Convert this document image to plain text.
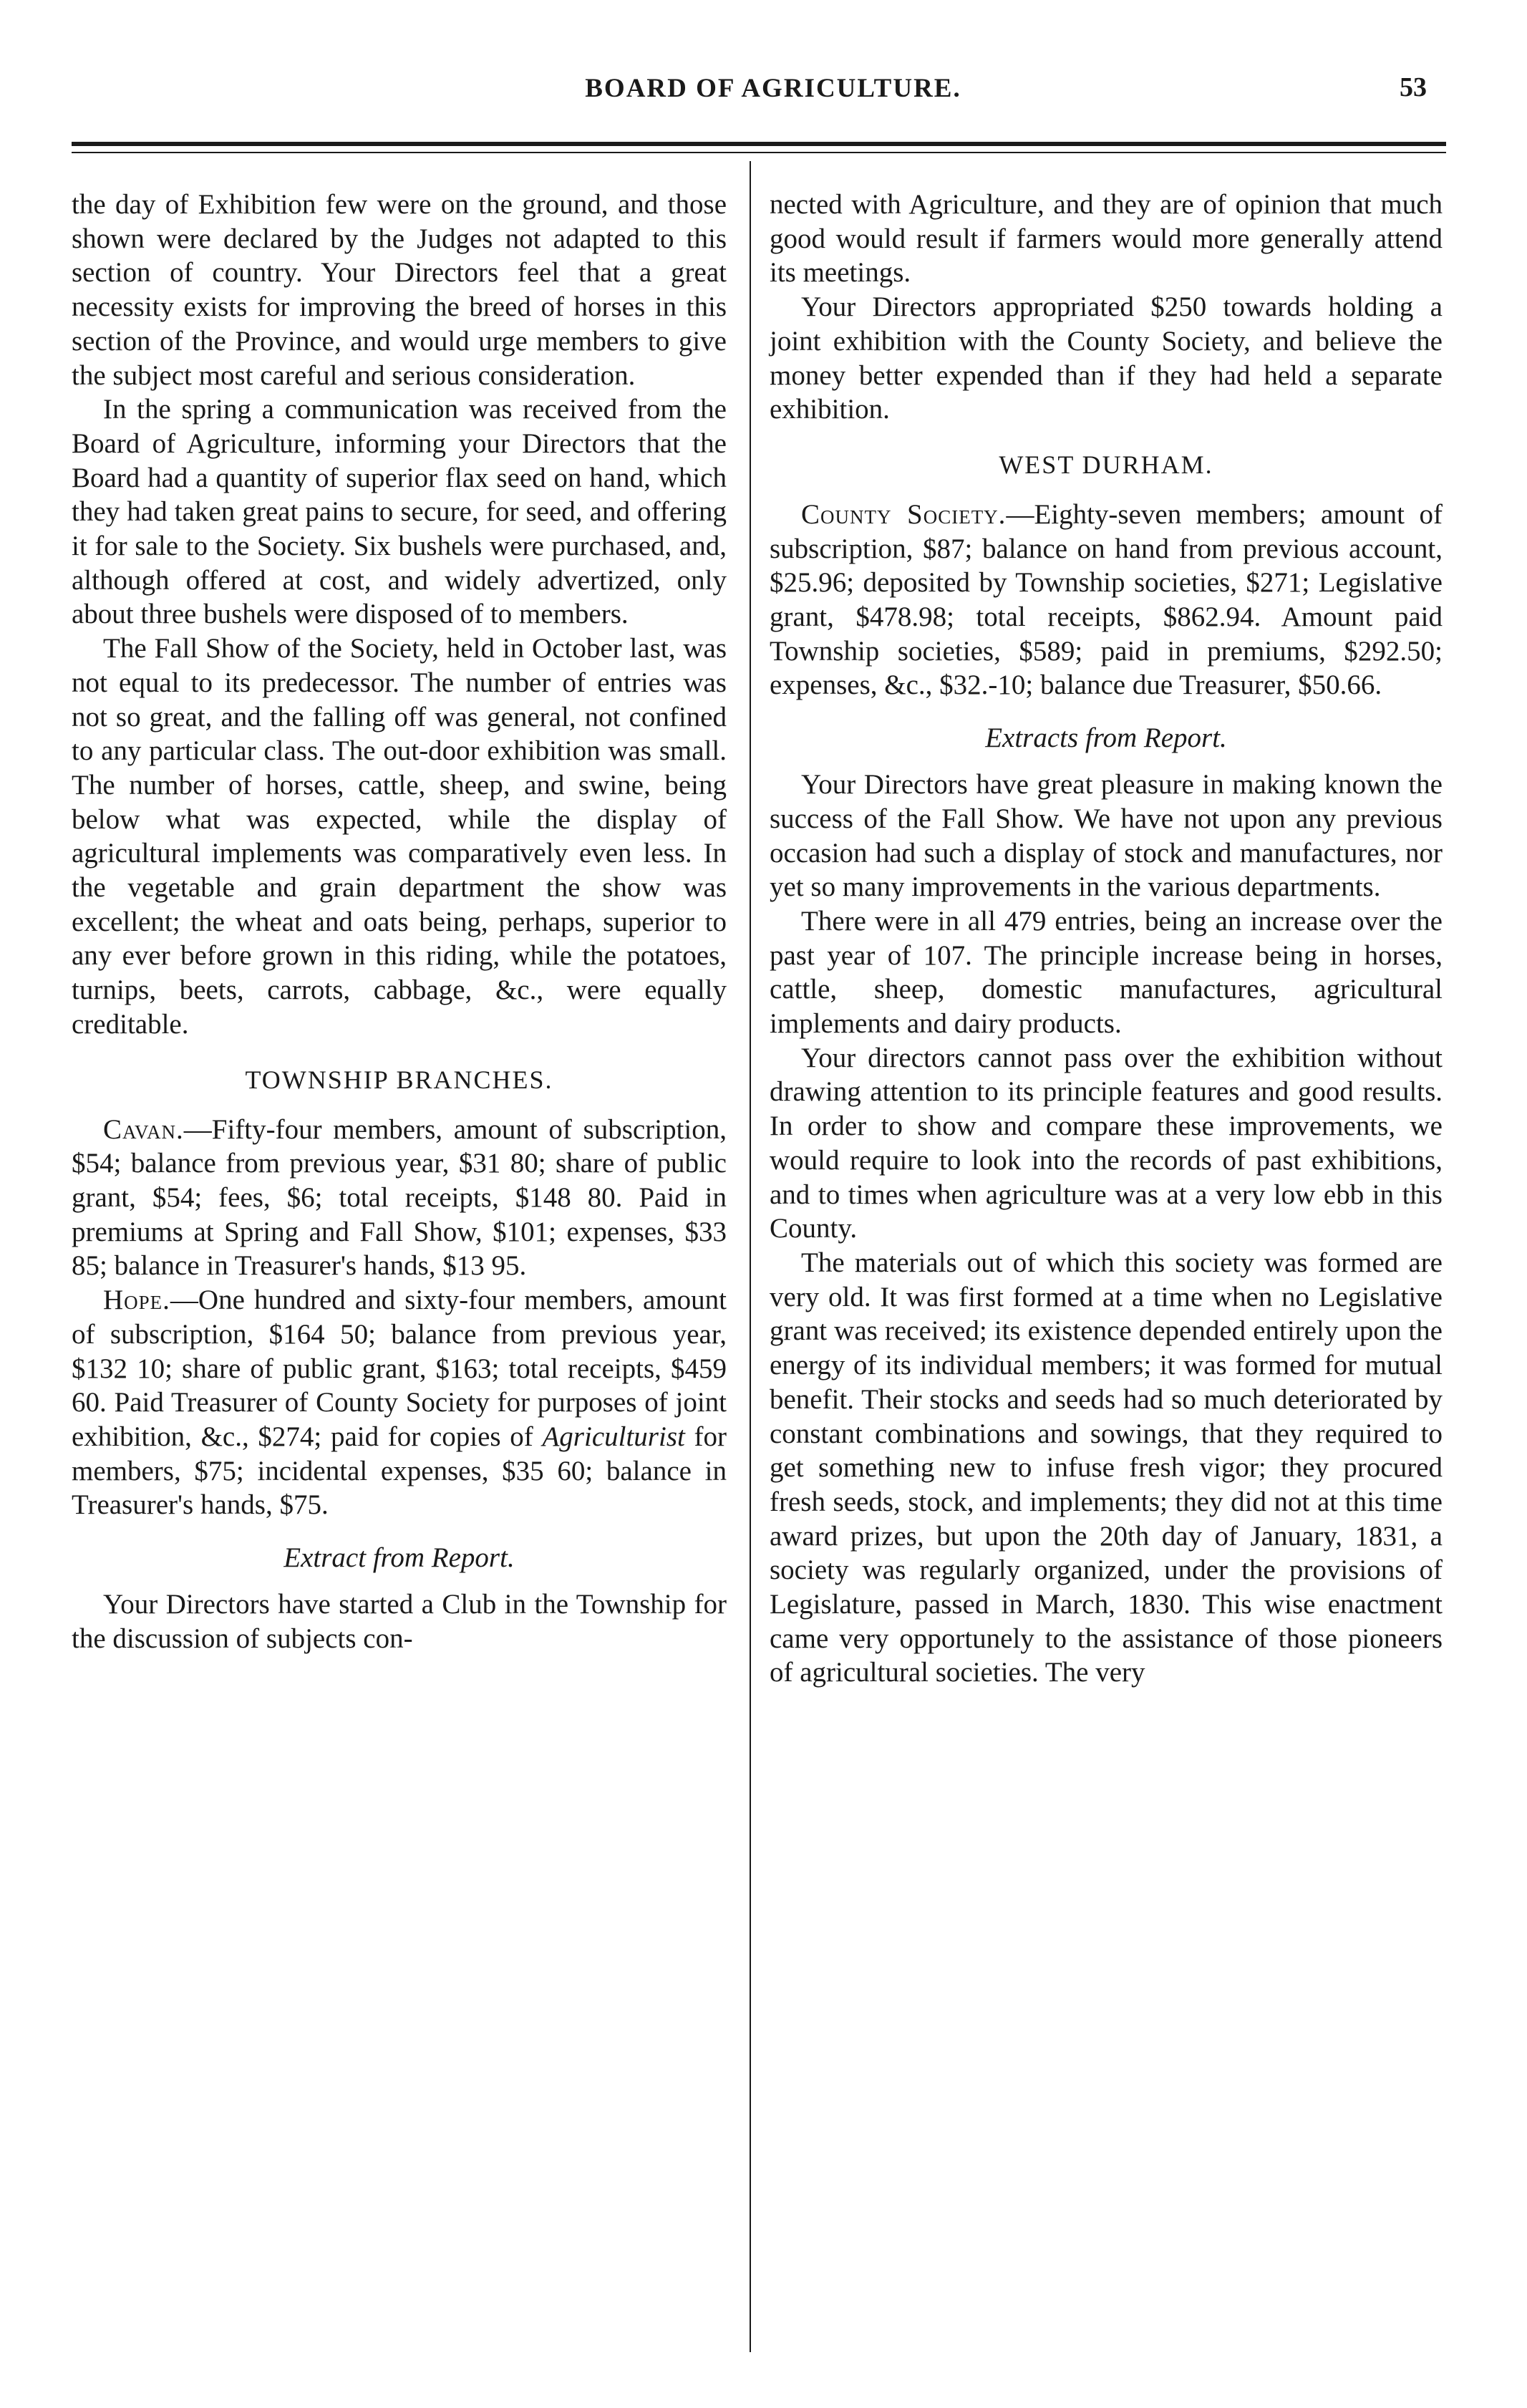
BOARD OF AGRICULTURE.	53

the day of Exhibition few were on the ground, and those shown were declared by the Judges not adapted to this section of country. Your Directors feel that a great necessity exists for improving the breed of horses in this section of the Province, and would urge members to give the subject most careful and serious consideration.

In the spring a communication was received from the Board of Agriculture, informing your Directors that the Board had a quantity of superior flax seed on hand, which they had taken great pains to secure, for seed, and offering it for sale to the Society. Six bushels were purchased, and, although offered at cost, and widely advertized, only about three bushels were disposed of to members.

The Fall Show of the Society, held in October last, was not equal to its predecessor. The number of entries was not so great, and the falling off was general, not confined to any particular class. The out-door exhibition was small. The number of horses, cattle, sheep, and swine, being below what was expected, while the display of agricultural implements was comparatively even less. In the vegetable and grain department the show was excellent; the wheat and oats being, perhaps, superior to any ever before grown in this riding, while the potatoes, turnips, beets, carrots, cabbage, &c., were equally creditable.

TOWNSHIP BRANCHES.

Cavan.—Fifty-four members, amount of subscription, $54; balance from previous year, $31 80; share of public grant, $54; fees, $6; total receipts, $148 80. Paid in premiums at Spring and Fall Show, $101; expenses, $33 85; balance in Treasurer's hands, $13 95.

Hope.—One hundred and sixty-four members, amount of subscription, $164 50; balance from previous year, $132 10; share of public grant, $163; total receipts, $459 60. Paid Treasurer of County Society for purposes of joint exhibition, &c., $274; paid for copies of Agriculturist for members, $75; incidental expenses, $35 60; balance in Treasurer's hands, $75.

Extract from Report.

Your Directors have started a Club in the Township for the discussion of subjects con-

nected with Agriculture, and they are of opinion that much good would result if farmers would more generally attend its meetings.

Your Directors appropriated $250 towards holding a joint exhibition with the County Society, and believe the money better expended than if they had held a separate exhibition.

WEST DURHAM.

County Society.—Eighty-seven members; amount of subscription, $87; balance on hand from previous account, $25.96; deposited by Township societies, $271; Legislative grant, $478.98; total receipts, $862.94. Amount paid Township societies, $589; paid in premiums, $292.50; expenses, &c., $32.-10; balance due Treasurer, $50.66.

Extracts from Report.

Your Directors have great pleasure in making known the success of the Fall Show. We have not upon any previous occasion had such a display of stock and manufactures, nor yet so many improvements in the various departments.

There were in all 479 entries, being an increase over the past year of 107. The principle increase being in horses, cattle, sheep, domestic manufactures, agricultural implements and dairy products.

Your directors cannot pass over the exhibition without drawing attention to its principle features and good results. In order to show and compare these improvements, we would require to look into the records of past exhibitions, and to times when agriculture was at a very low ebb in this County.

The materials out of which this society was formed are very old. It was first formed at a time when no Legislative grant was received; its existence depended entirely upon the energy of its individual members; it was formed for mutual benefit. Their stocks and seeds had so much deteriorated by constant combinations and sowings, that they required to get something new to infuse fresh vigor; they procured fresh seeds, stock, and implements; they did not at this time award prizes, but upon the 20th day of January, 1831, a society was regularly organized, under the provisions of Legislature, passed in March, 1830. This wise enactment came very opportunely to the assistance of those pioneers of agricultural societies. The very
